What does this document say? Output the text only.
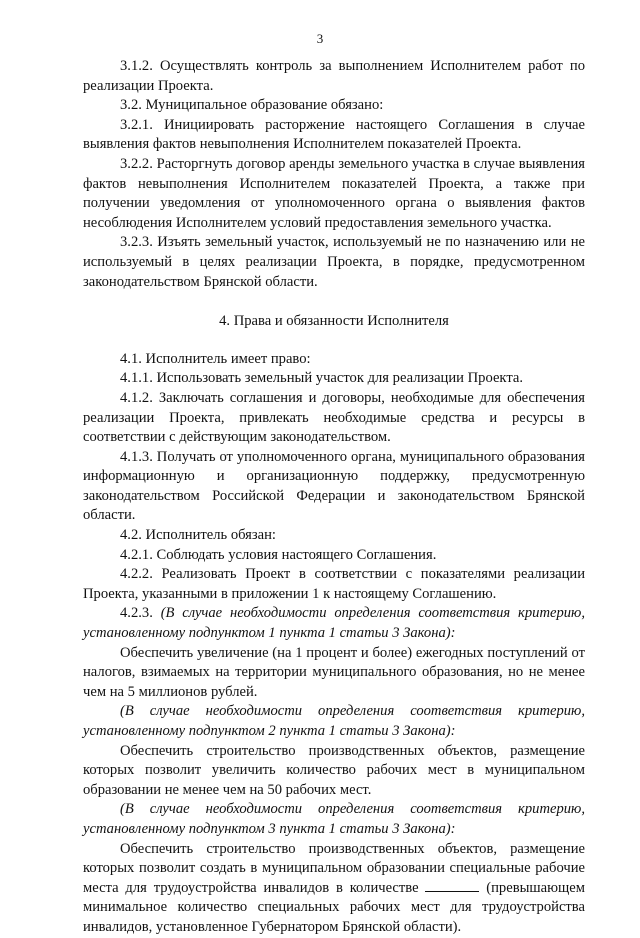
3

3.1.2. Осуществлять контроль за выполнением Исполнителем работ по реализации Проекта.

3.2. Муниципальное образование обязано:

3.2.1. Инициировать расторжение настоящего Соглашения в случае выявления фактов невыполнения Исполнителем показателей Проекта.

3.2.2. Расторгнуть договор аренды земельного участка в случае выявления фактов невыполнения Исполнителем показателей Проекта, а также при получении уведомления от уполномоченного органа о выявления фактов несоблюдения Исполнителем условий предоставления земельного участка.

3.2.3. Изъять земельный участок, используемый не по назначению или не используемый в целях реализации Проекта, в порядке, предусмотренном законодательством Брянской области.

4. Права и обязанности Исполнителя

4.1. Исполнитель имеет право:

4.1.1. Использовать земельный участок для реализации Проекта.

4.1.2. Заключать соглашения и договоры, необходимые для обеспечения реализации Проекта, привлекать необходимые средства и ресурсы в соответствии с действующим законодательством.

4.1.3. Получать от уполномоченного органа, муниципального образования информационную и организационную поддержку, предусмотренную законодательством Российской Федерации и законодательством Брянской области.

4.2. Исполнитель обязан:

4.2.1. Соблюдать условия настоящего Соглашения.

4.2.2. Реализовать Проект в соответствии с показателями реализации Проекта, указанными в приложении 1 к настоящему Соглашению.

4.2.3. (В случае необходимости определения соответствия критерию, установленному подпунктом 1 пункта 1 статьи 3 Закона):

Обеспечить увеличение (на 1 процент и более) ежегодных поступлений от налогов, взимаемых на территории муниципального образования, но не менее чем на 5 миллионов рублей.

(В случае необходимости определения соответствия критерию, установленному подпунктом 2 пункта 1 статьи 3 Закона):

Обеспечить строительство производственных объектов, размещение которых позволит увеличить количество рабочих мест в муниципальном образовании не менее чем на 50 рабочих мест.

(В случае необходимости определения соответствия критерию, установленному подпунктом 3 пункта 1 статьи 3 Закона):

Обеспечить строительство производственных объектов, размещение которых позволит создать в муниципальном образовании специальные рабочие места для трудоустройства инвалидов в количестве	(превышающем минимальное количество специальных рабочих мест для трудоустройства инвалидов, установленное Губернатором Брянской области).
